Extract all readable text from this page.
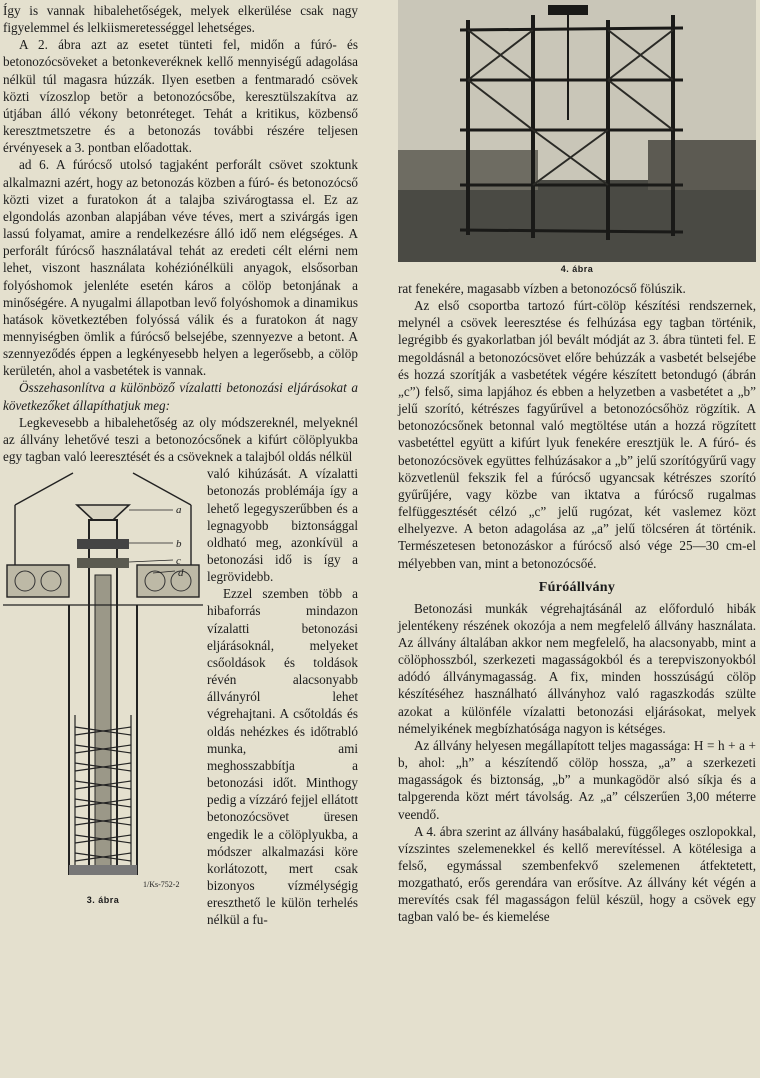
Így is vannak hibalehetőségek, melyek elkerülése csak nagy figyelemmel és lelkiismeretességgel lehetséges.

A 2. ábra azt az esetet tünteti fel, midőn a fúró- és betonozócsöveket a betonkeveréknek kellő mennyiségű adagolása nélkül túl magasra húzzák. Ilyen esetben a fentmaradó csövek közti vízoszlop betör a betonozócsőbe, keresztülszakítva az útjában álló vékony betonréteget. Tehát a kritikus, közbenső keresztmetszetre és a betonozás további részére teljesen érvényesek a 3. pontban előadottak.

ad 6. A fúrócső utolsó tagjaként perforált csövet szoktunk alkalmazni azért, hogy az betonozás közben a fúró- és betonozócső közti vizet a furatokon át a talajba szivárogtassa el. Ez az elgondolás azonban alapjában véve téves, mert a szivárgás igen lassú folyamat, amire a rendelkezésre álló idő nem elégséges. A perforált fúrócső használatával tehát az eredeti célt elérni nem lehet, viszont használata kohéziónélküli anyagok, elsősorban folyóshomok jelenléte esetén káros a cölöp betonjának a minőségére. A nyugalmi állapotban levő folyóshomok a dinamikus hatások következtében folyóssá válik és a furatokon át nagy mennyiségben ömlik a fúrócső belsejébe, szennyezve a betont. A szennyeződés éppen a legkényesebb helyen a legerősebb, a cölöp kerületén, ahol a vasbetétek is vannak.

Összehasonlítva a különböző vízalatti betonozási eljárásokat a következőket állapíthatjuk meg:

Legkevesebb a hibalehetőség az oly módszereknél, melyeknél az állvány lehetővé teszi a betonozócsőnek a kifúrt cölöplyukba egy tagban való leeresztését és a csöveknek a talajból oldás nélkül

a
b
c
d
1/Ks-752-2
3. ábra

való kihúzását. A vízalatti betonozás problémája így a lehető legegyszerűbben és a legnagyobb biztonsággal oldható meg, azonkívül a betonozási idő is így a legrövidebb.

Ezzel szemben több a hibaforrás mindazon vízalatti betonozási eljárásoknál, melyeket csőoldások és toldások révén alacsonyabb állványról lehet végrehajtani. A csőtoldás és oldás nehézkes és időtrabló munka, ami meghosszabbítja a betonozási időt. Minthogy pedig a vízzáró fejjel ellátott betonozócsövet üresen engedik le a cölöplyukba, a módszer alkalmazási köre korlátozott, mert csak bizonyos vízmélységig ereszthető le külön terhelés nélkül a fu-

4. ábra

rat fenekére, magasabb vízben a betonozócső fölúszik.

Az első csoportba tartozó fúrt-cölöp készítési rendszernek, melynél a csövek leeresztése és felhúzása egy tagban történik, legrégibb és gyakorlatban jól bevált módját az 3. ábra tünteti fel. E megoldásnál a betonozócsövet előre behúzzák a vasbetét belsejébe és hozzá szorítják a vasbetétek végére készített betondugó (ábrán „c”) felső, sima lapjához és ebben a helyzetben a vasbetétet a „b” jelű szorító, kétrészes fagyűrűvel a betonozócsőhöz rögzítik. A betonozócsőnek betonnal való megtöltése után a hozzá rögzített vasbetéttel együtt a kifúrt lyuk fenekére eresztjük le. A fúró- és betonozócsövek együttes felhúzásakor a „b” jelű szorítógyűrű vagy közvetlenül fekszik fel a fúrócső ugyancsak kétrészes szorító gyűrűjére, vagy közbe van iktatva a fúrócső rugalmas felfüggesztését célzó „c” jelű rugózat, két vaslemez közt elhelyezve. A beton adagolása az „a” jelű tölcséren át történik. Természetesen betonozáskor a fúrócső alsó vége 25—30 cm-el mélyebben van, mint a betonozócsőé.

Fúróállvány

Betonozási munkák végrehajtásánál az előforduló hibák jelentékeny részének okozója a nem megfelelő állvány használata. Az állvány általában akkor nem megfelelő, ha alacsonyabb, mint a cölöphosszból, szerkezeti magasságokból és a terepviszonyokból adódó állványmagasság. A fix, minden hosszúságú cölöp készítéséhez használható állványhoz való ragaszkodás szülte azokat a különféle vízalatti betonozási eljárásokat, melyek némelyikének megbízhatósága nagyon is kétséges.

Az állvány helyesen megállapított teljes magassága: H = h + a + b, ahol: „h” a készítendő cölöp hossza, „a” a szerkezeti magasságok és biztonság, „b” a munkagödör alsó síkja és a talpgerenda közt mért távolság. Az „a” célszerűen 3,00 méterre veendő.

A 4. ábra szerint az állvány hasábalakú, függőleges oszlopokkal, vízszintes szelemenekkel és kellő merevítéssel. A kötélesiga a felső, egymással szembenfekvő szelemenen átfektetett, mozgatható, erős gerendára van erősítve. Az állvány két végén a merevítés csak fél magasságon felül készül, hogy a csövek egy tagban való be- és kiemelése
